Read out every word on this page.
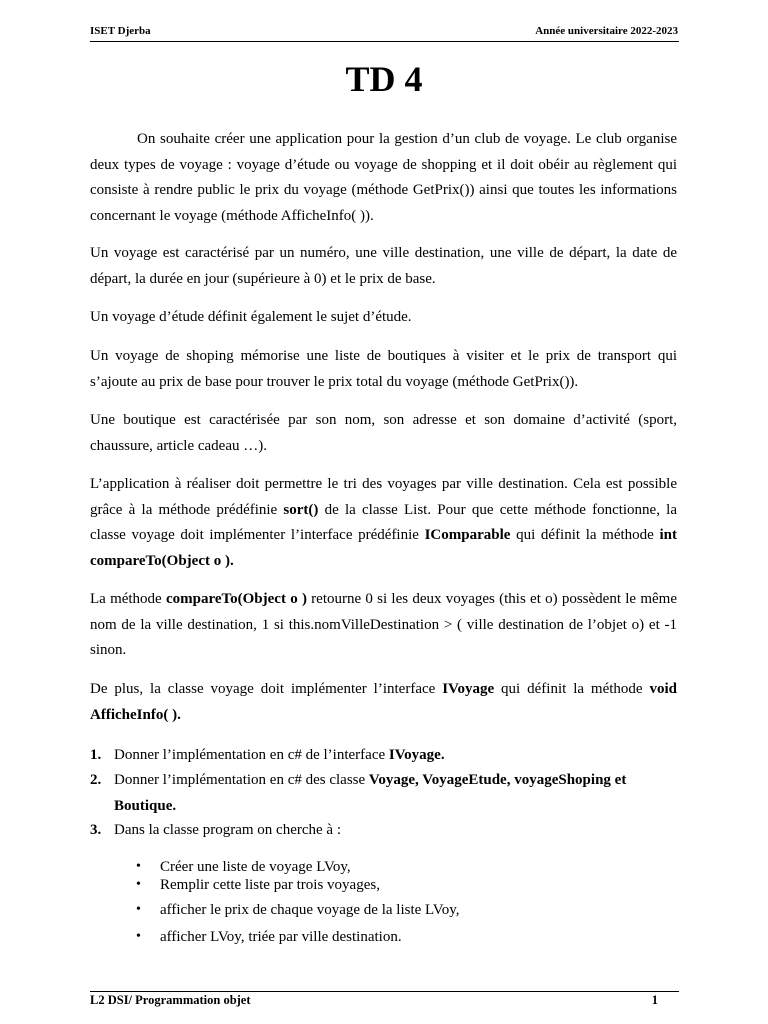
ISET Djerba	Année universitaire 2022-2023
TD 4
On souhaite créer une application pour la gestion d’un club de voyage. Le club organise deux types de voyage : voyage d’étude ou voyage de shopping et il doit obéir au règlement qui consiste à rendre public le prix du voyage (méthode GetPrix()) ainsi que toutes les informations concernant le voyage (méthode AfficheInfo( )).
Un voyage est caractérisé par un numéro, une ville destination, une ville de départ, la date de départ, la durée en jour (supérieure à 0) et le prix de base.
Un voyage d’étude définit également le sujet d’étude.
Un voyage de shoping mémorise une liste de boutiques à visiter et le prix de transport qui s’ajoute au prix de base pour trouver le prix total du voyage (méthode GetPrix()).
Une boutique est caractérisée par son nom, son adresse et son domaine d’activité (sport, chaussure, article cadeau …).
L’application à réaliser doit permettre le tri des voyages par ville destination. Cela est possible grâce à la méthode prédéfinie sort() de la classe List. Pour que cette méthode fonctionne, la classe voyage doit implémenter l’interface prédéfinie IComparable qui définit la méthode int compareTo(Object o ).
La méthode compareTo(Object o ) retourne 0 si les deux voyages (this et o) possèdent le même nom de la ville destination, 1 si this.nomVilleDestination > ( ville destination de l’objet o) et -1 sinon.
De plus, la classe voyage doit implémenter l’interface IVoyage qui définit la méthode void AfficheInfo( ).
1. Donner l’implémentation en c# de l’interface IVoyage.
2. Donner l’implémentation en c# des classe Voyage, VoyageEtude, voyageShoping et Boutique.
3. Dans la classe program on cherche à :
• Créer une liste de voyage LVoy,
• Remplir cette liste par trois voyages,
• afficher le prix de chaque voyage de la liste LVoy,
• afficher LVoy, triée par ville destination.
L2 DSI/ Programmation objet	1
